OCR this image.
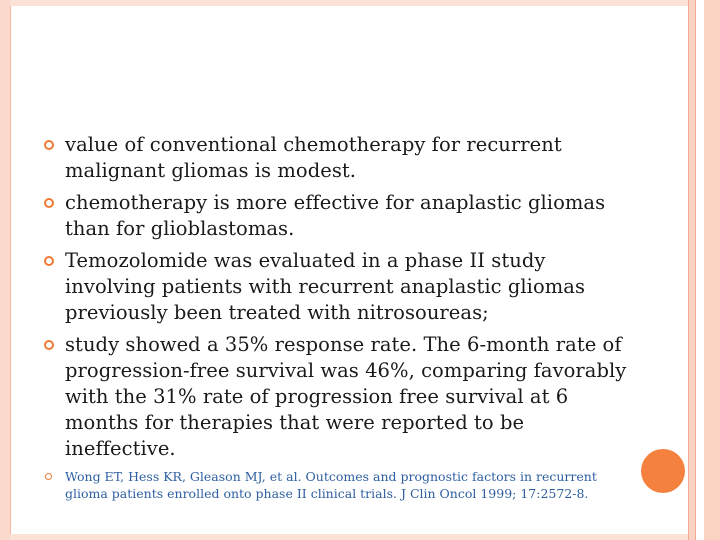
value of conventional chemotherapy for recurrent malignant gliomas is modest.
chemotherapy is more effective for anaplastic gliomas than for glioblastomas.
Temozolomide was evaluated in a phase II study involving patients with recurrent anaplastic gliomas previously been treated with nitrosoureas;
study showed a 35% response rate. The 6-month rate of progression-free survival was 46%, comparing favorably with the 31% rate of progression free survival at 6 months for therapies that were reported to be ineffective.
Wong ET, Hess KR, Gleason MJ, et al. Outcomes and prognostic factors in recurrent glioma patients enrolled onto phase II clinical trials. J Clin Oncol 1999; 17:2572-8.
